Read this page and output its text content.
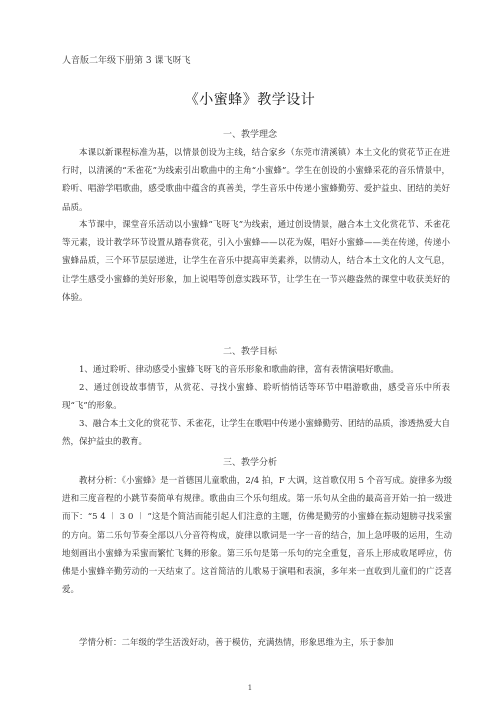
人音版二年级下册第 3 课飞呀飞
《小蜜蜂》教学设计
一、教学理念

本课以新课程标准为基，以情景创设为主线，结合家乡（东莞市清溪镇）本土文化的赏花节正在进行时，以清溪的“禾雀花”为线索引出歌曲中的主角“小蜜蜂”。学生在创设的小蜜蜂采花的音乐情景中，聆听、唱游学唱歌曲，感受歌曲中蕴含的真善美，学生音乐中传递小蜜蜂勤劳、爱护益虫、团结的美好品质。

本节课中，课堂音乐活动以小蜜蜂“飞呀飞”为线索，通过创设情景，融合本土文化赏花节、禾雀花等元素，设计教学环节设置从踏春赏花，引入小蜜蜂——以花为媒，唱好小蜜蜂——美在传递，传递小蜜蜂品质，三个环节层层递进，让学生在音乐中提高审美素养，以情动人，结合本土文化的人文气息，让学生感受小蜜蜂的美好形象，加上说唱等创意实践环节，让学生在一节兴趣盎然的课堂中收获美好的体验。

二、教学目标

1、通过聆听、律动感受小蜜蜂飞呀飞的音乐形象和歌曲韵律，富有表情演唱好歌曲。

2、通过创设故事情节，从赏花、寻找小蜜蜂、聆听悄悄话等环节中唱游歌曲，感受音乐中所表现“飞”的形象。

3、融合本土文化的赏花节、禾雀花，让学生在歌唱中传递小蜜蜂勤劳、团结的品质，渗透热爱大自然，保护益虫的教育。

三、教学分析

教材分析：《小蜜蜂》是一首德国儿童歌曲，2/4 拍，F 大调，这首歌仅用 5 个音写成。旋律多为级进和三度音程的小跳节奏简单有规律。歌曲由三个乐句组成。第一乐句从全曲的最高音开始一拍一级进而下：“5 4 ︱ 3 0 ︱ ”这是个简洁而能引起人们注意的主题，仿佛是勤劳的小蜜蜂在振动翅膀寻找采蜜的方向。第二乐句节奏全部以八分音符构成，旋律以歌词是一字一音的结合，加上急呼吸的运用，生动地刻画出小蜜蜂为采蜜而繁忙飞舞的形象。第三乐句是第一乐句的完全重复，音乐上形成收尾呼应，仿佛是小蜜蜂辛勤劳动的一天结束了。这首简洁的儿歌易于演唱和表演，多年来一直收到儿童们的广泛喜爱。

学情分析：二年级的学生活泼好动，善于模仿，充满热情，形象思维为主，乐于参加

1
